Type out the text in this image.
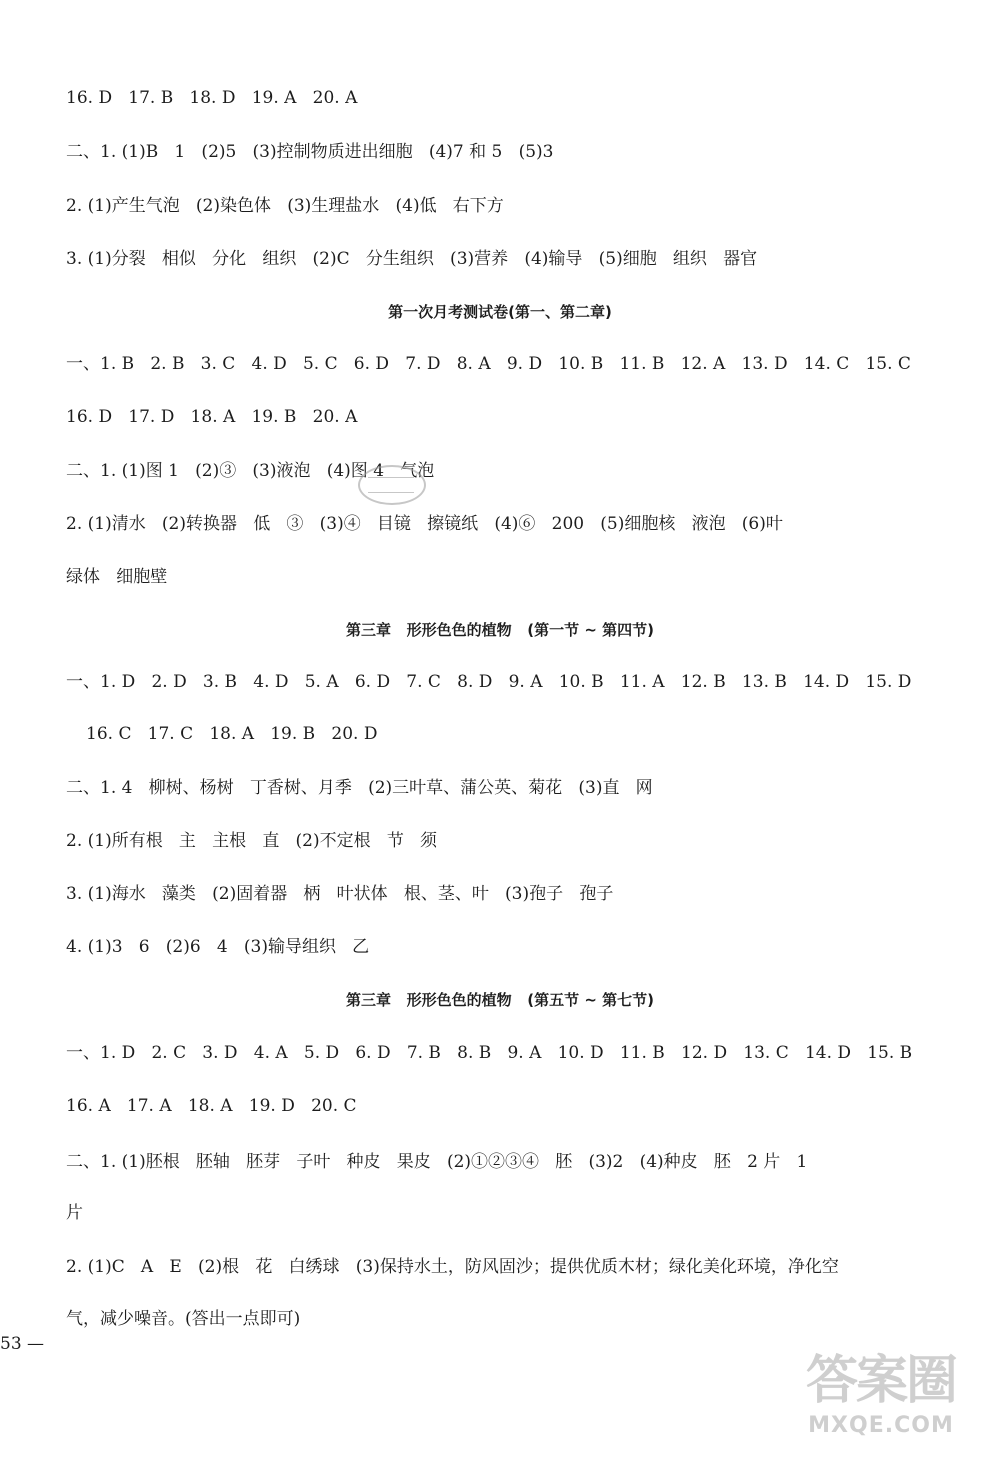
16. D   17. B   18. D   19. A   20. A
二、1. (1)B   1   (2)5   (3)控制物质进出细胞   (4)7 和 5   (5)3
2. (1)产生气泡   (2)染色体   (3)生理盐水   (4)低   右下方
3. (1)分裂   相似   分化   组织   (2)C   分生组织   (3)营养   (4)输导   (5)细胞   组织   器官
第一次月考测试卷(第一、第二章)
一、1. B   2. B   3. C   4. D   5. C   6. D   7. D   8. A   9. D   10. B   11. B   12. A   13. D   14. C   15. C
16. D   17. D   18. A   19. B   20. A
二、1. (1)图 1   (2)③   (3)液泡   (4)图 4   气泡
2. (1)清水   (2)转换器   低   ③   (3)④   目镜   擦镜纸   (4)⑥   200   (5)细胞核   液泡   (6)叶
绿体   细胞壁
第三章   形形色色的植物   (第一节 ~ 第四节)
一、1. D   2. D   3. B   4. D   5. A   6. D   7. C   8. D   9. A   10. B   11. A   12. B   13. B   14. D   15. D
16. C   17. C   18. A   19. B   20. D
二、1. 4   柳树、杨树   丁香树、月季   (2)三叶草、蒲公英、菊花   (3)直   网
2. (1)所有根   主   主根   直   (2)不定根   节   须
3. (1)海水   藻类   (2)固着器   柄   叶状体   根、茎、叶   (3)孢子   孢子
4. (1)3   6   (2)6   4   (3)输导组织   乙
第三章   形形色色的植物   (第五节 ~ 第七节)
一、1. D   2. C   3. D   4. A   5. D   6. D   7. B   8. B   9. A   10. D   11. B   12. D   13. C   14. D   15. B
16. A   17. A   18. A   19. D   20. C
二、1. (1)胚根   胚轴   胚芽   子叶   种皮   果皮   (2)①②③④   胚   (3)2   (4)种皮   胚   2 片   1
片
2. (1)C   A   E   (2)根   花   白绣球   (3)保持水土，防风固沙；提供优质木材；绿化美化环境，净化空
气，减少噪音。(答出一点即可)
53 —
答案圈
MXQE.COM
